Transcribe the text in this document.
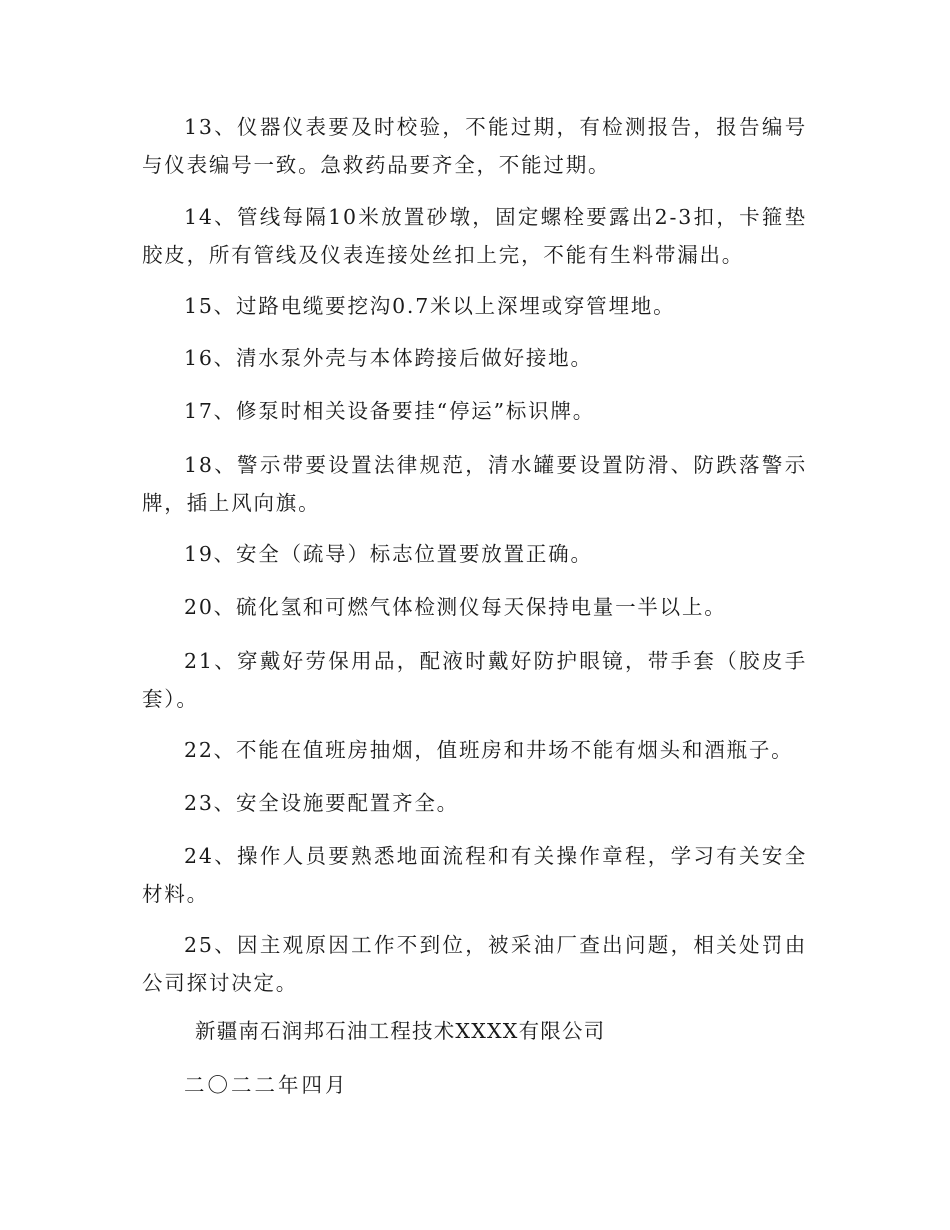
13、仪器仪表要及时校验，不能过期，有检测报告，报告编号与仪表编号一致。急救药品要齐全，不能过期。

14、管线每隔10米放置砂墩，固定螺栓要露出2-3扣，卡箍垫胶皮，所有管线及仪表连接处丝扣上完，不能有生料带漏出。

15、过路电缆要挖沟0.7米以上深埋或穿管埋地。

16、清水泵外壳与本体跨接后做好接地。

17、修泵时相关设备要挂“停运”标识牌。

18、警示带要设置法律规范，清水罐要设置防滑、防跌落警示牌，插上风向旗。

19、安全（疏导）标志位置要放置正确。

20、硫化氢和可燃气体检测仪每天保持电量一半以上。

21、穿戴好劳保用品，配液时戴好防护眼镜，带手套（胶皮手套）。

22、不能在值班房抽烟，值班房和井场不能有烟头和酒瓶子。

23、安全设施要配置齐全。

24、操作人员要熟悉地面流程和有关操作章程，学习有关安全材料。

25、因主观原因工作不到位，被采油厂查出问题，相关处罚由公司探讨决定。

新疆南石润邦石油工程技术XXXX有限公司
二〇二二年四月
